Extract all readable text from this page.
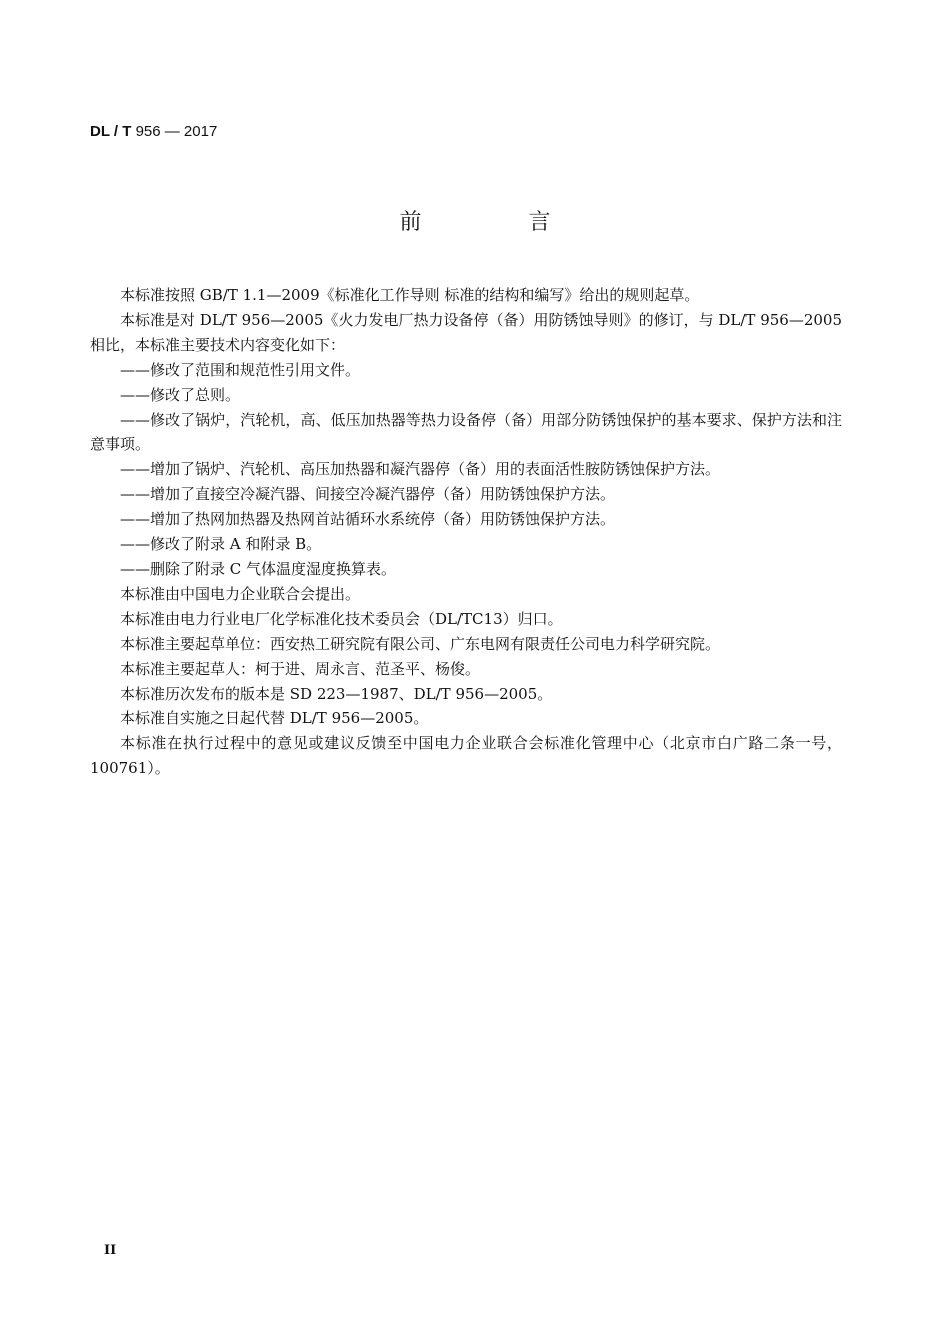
DL / T 956 — 2017
前 言

本标准按照 GB/T 1.1—2009《标准化工作导则 标准的结构和编写》给出的规则起草。

本标准是对 DL/T 956—2005《火力发电厂热力设备停（备）用防锈蚀导则》的修订，与 DL/T 956—2005 相比，本标准主要技术内容变化如下：

——修改了范围和规范性引用文件。

——修改了总则。

——修改了锅炉，汽轮机，高、低压加热器等热力设备停（备）用部分防锈蚀保护的基本要求、保护方法和注意事项。

——增加了锅炉、汽轮机、高压加热器和凝汽器停（备）用的表面活性胺防锈蚀保护方法。

——增加了直接空冷凝汽器、间接空冷凝汽器停（备）用防锈蚀保护方法。

——增加了热网加热器及热网首站循环水系统停（备）用防锈蚀保护方法。

——修改了附录 A 和附录 B。

——删除了附录 C 气体温度湿度换算表。

本标准由中国电力企业联合会提出。

本标准由电力行业电厂化学标准化技术委员会（DL/TC13）归口。

本标准主要起草单位：西安热工研究院有限公司、广东电网有限责任公司电力科学研究院。

本标准主要起草人：柯于进、周永言、范圣平、杨俊。

本标准历次发布的版本是 SD 223—1987、DL/T 956—2005。

本标准自实施之日起代替 DL/T 956—2005。

本标准在执行过程中的意见或建议反馈至中国电力企业联合会标准化管理中心（北京市白广路二条一号，100761）。

II
